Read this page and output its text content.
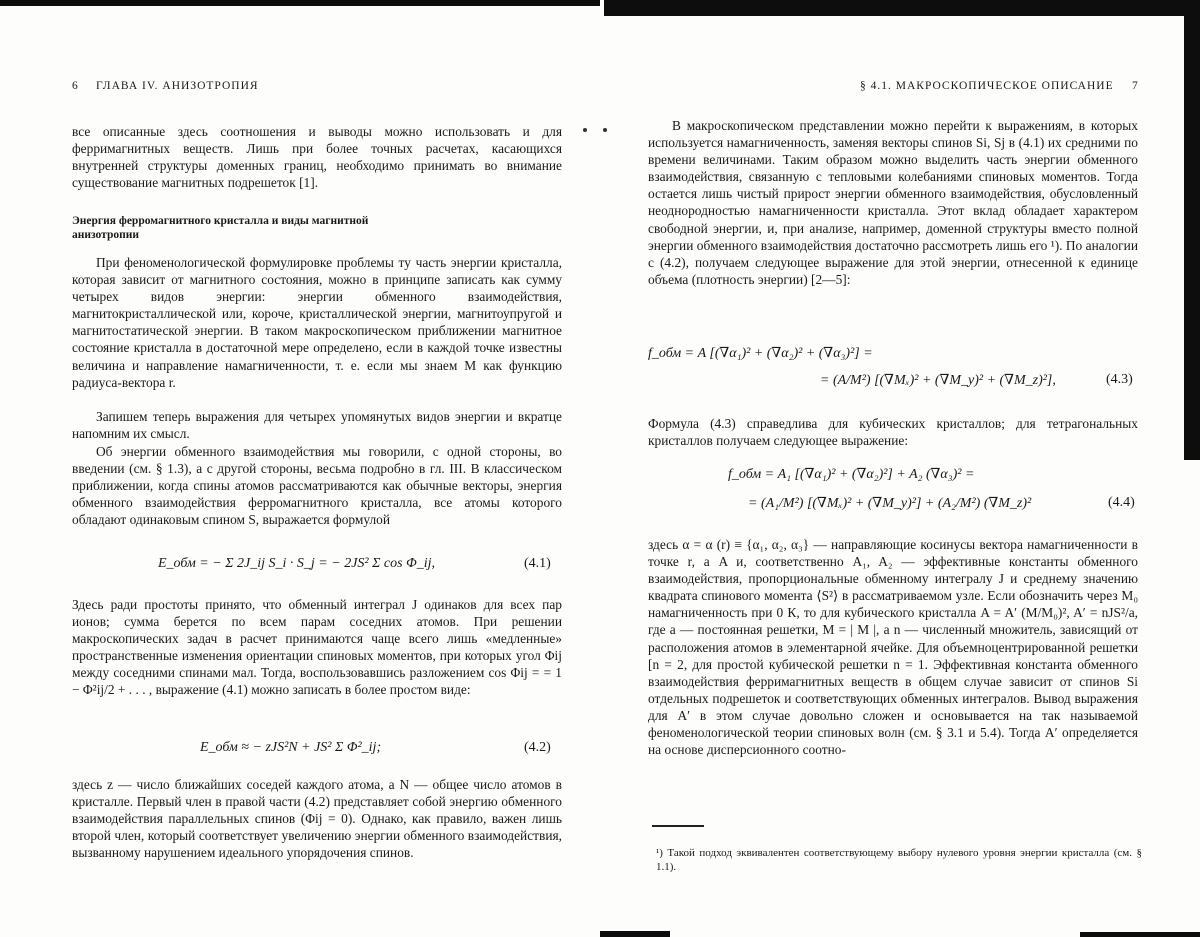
6 ГЛАВА IV. АНИЗОТРОПИЯ

все описанные здесь соотношения и выводы можно использовать и для ферримагнитных веществ. Лишь при более точных расчетах, касающихся внутренней структуры доменных границ, необходимо принимать во внимание существование магнитных подрешеток [1].

Энергия ферромагнитного кристалла и виды магнитной анизотропии

При феноменологической формулировке проблемы ту часть энергии кристалла, которая зависит от магнитного состояния, можно в принципе записать как сумму четырех видов энергии: энергии обменного взаимодействия, магнитокристаллической или, короче, кристаллической энергии, магнитоупругой и магнитостатической энергии. В таком макроскопическом приближении магнитное состояние кристалла в достаточной мере определено, если в каждой точке известны величина и направление намагниченности, т. е. если мы знаем M как функцию радиуса-вектора r.

Запишем теперь выражения для четырех упомянутых видов энергии и вкратце напомним их смысл.

Об энергии обменного взаимодействия мы говорили, с одной стороны, во введении (см. § 1.3), а с другой стороны, весьма подробно в гл. III. В классическом приближении, когда спины атомов рассматриваются как обычные векторы, энергия обменного взаимодействия ферромагнитного кристалла, все атомы которого обладают одинаковым спином S, выражается формулой

E_обм = − Σ 2J_ij S_i · S_j = − 2JS² Σ cos Φ_ij,	(4.1)

Здесь ради простоты принято, что обменный интеграл J одинаков для всех пар ионов; сумма берется по всем парам соседних атомов. При решении макроскопических задач в расчет принимаются чаще всего лишь «медленные» пространственные изменения ориентации спиновых моментов, при которых угол Φij между соседними спинами мал. Тогда, воспользовавшись разложением cos Φij = = 1 − Φ²ij/2 + . . . , выражение (4.1) можно записать в более простом виде:

E_обм ≈ − zJS²N + JS² Σ Φ²_ij;	(4.2)

здесь z — число ближайших соседей каждого атома, а N — общее число атомов в кристалле. Первый член в правой части (4.2) представляет собой энергию обменного взаимодействия параллельных спинов (Φij = 0). Однако, как правило, важен лишь второй член, который соответствует увеличению энергии обменного взаимодействия, вызванному нарушением идеального упорядочения спинов.

§ 4.1. МАКРОСКОПИЧЕСКОЕ ОПИСАНИЕ 7

В макроскопическом представлении можно перейти к выражениям, в которых используется намагниченность, заменяя векторы спинов Si, Sj в (4.1) их средними по времени величинами. Таким образом можно выделить часть энергии обменного взаимодействия, связанную с тепловыми колебаниями спиновых моментов. Тогда остается лишь чистый прирост энергии обменного взаимодействия, обусловленный неоднородностью намагниченности кристалла. Этот вклад обладает характером свободной энергии, и, при анализе, например, доменной структуры вместо полной энергии обменного взаимодействия достаточно рассмотреть лишь его ¹). По аналогии с (4.2), получаем следующее выражение для этой энергии, отнесенной к единице объема (плотность энергии) [2—5]:

f_обм = A [(∇α₁)² + (∇α₂)² + (∇α₃)²] =
= (A/M²) [(∇Mₓ)² + (∇M_y)² + (∇M_z)²],	(4.3)

Формула (4.3) справедлива для кубических кристаллов; для тетрагональных кристаллов получаем следующее выражение:

f_обм = A₁ [(∇α₁)² + (∇α₂)²] + A₂ (∇α₃)² =
= (A₁/M²) [(∇Mₓ)² + (∇M_y)²] + (A₂/M²) (∇M_z)²	(4.4)

здесь α = α (r) ≡ {α₁, α₂, α₃} — направляющие косинусы вектора намагниченности в точке r, а A и, соответственно A₁, A₂ — эффективные константы обменного взаимодействия, пропорциональные обменному интегралу J и среднему значению квадрата спинового момента ⟨S²⟩ в рассматриваемом узле. Если обозначить через M₀ намагниченность при 0 К, то для кубического кристалла A = A′ (M/M₀)², A′ = nJS²/a, где a — постоянная решетки, M = | M |, а n — численный множитель, зависящий от расположения атомов в элементарной ячейке. Для объемноцентрированной решетки [n = 2, для простой кубической решетки n = 1. Эффективная константа обменного взаимодействия ферримагнитных веществ в общем случае зависит от спинов Si отдельных подрешеток и соответствующих обменных интегралов. Вывод выражения для A′ в этом случае довольно сложен и основывается на так называемой феноменологической теории спиновых волн (см. § 3.1 и 5.4). Тогда A′ определяется на основе дисперсионного соотно-

¹) Такой подход эквивалентен соответствующему выбору нулевого уровня энергии кристалла (см. § 1.1).
